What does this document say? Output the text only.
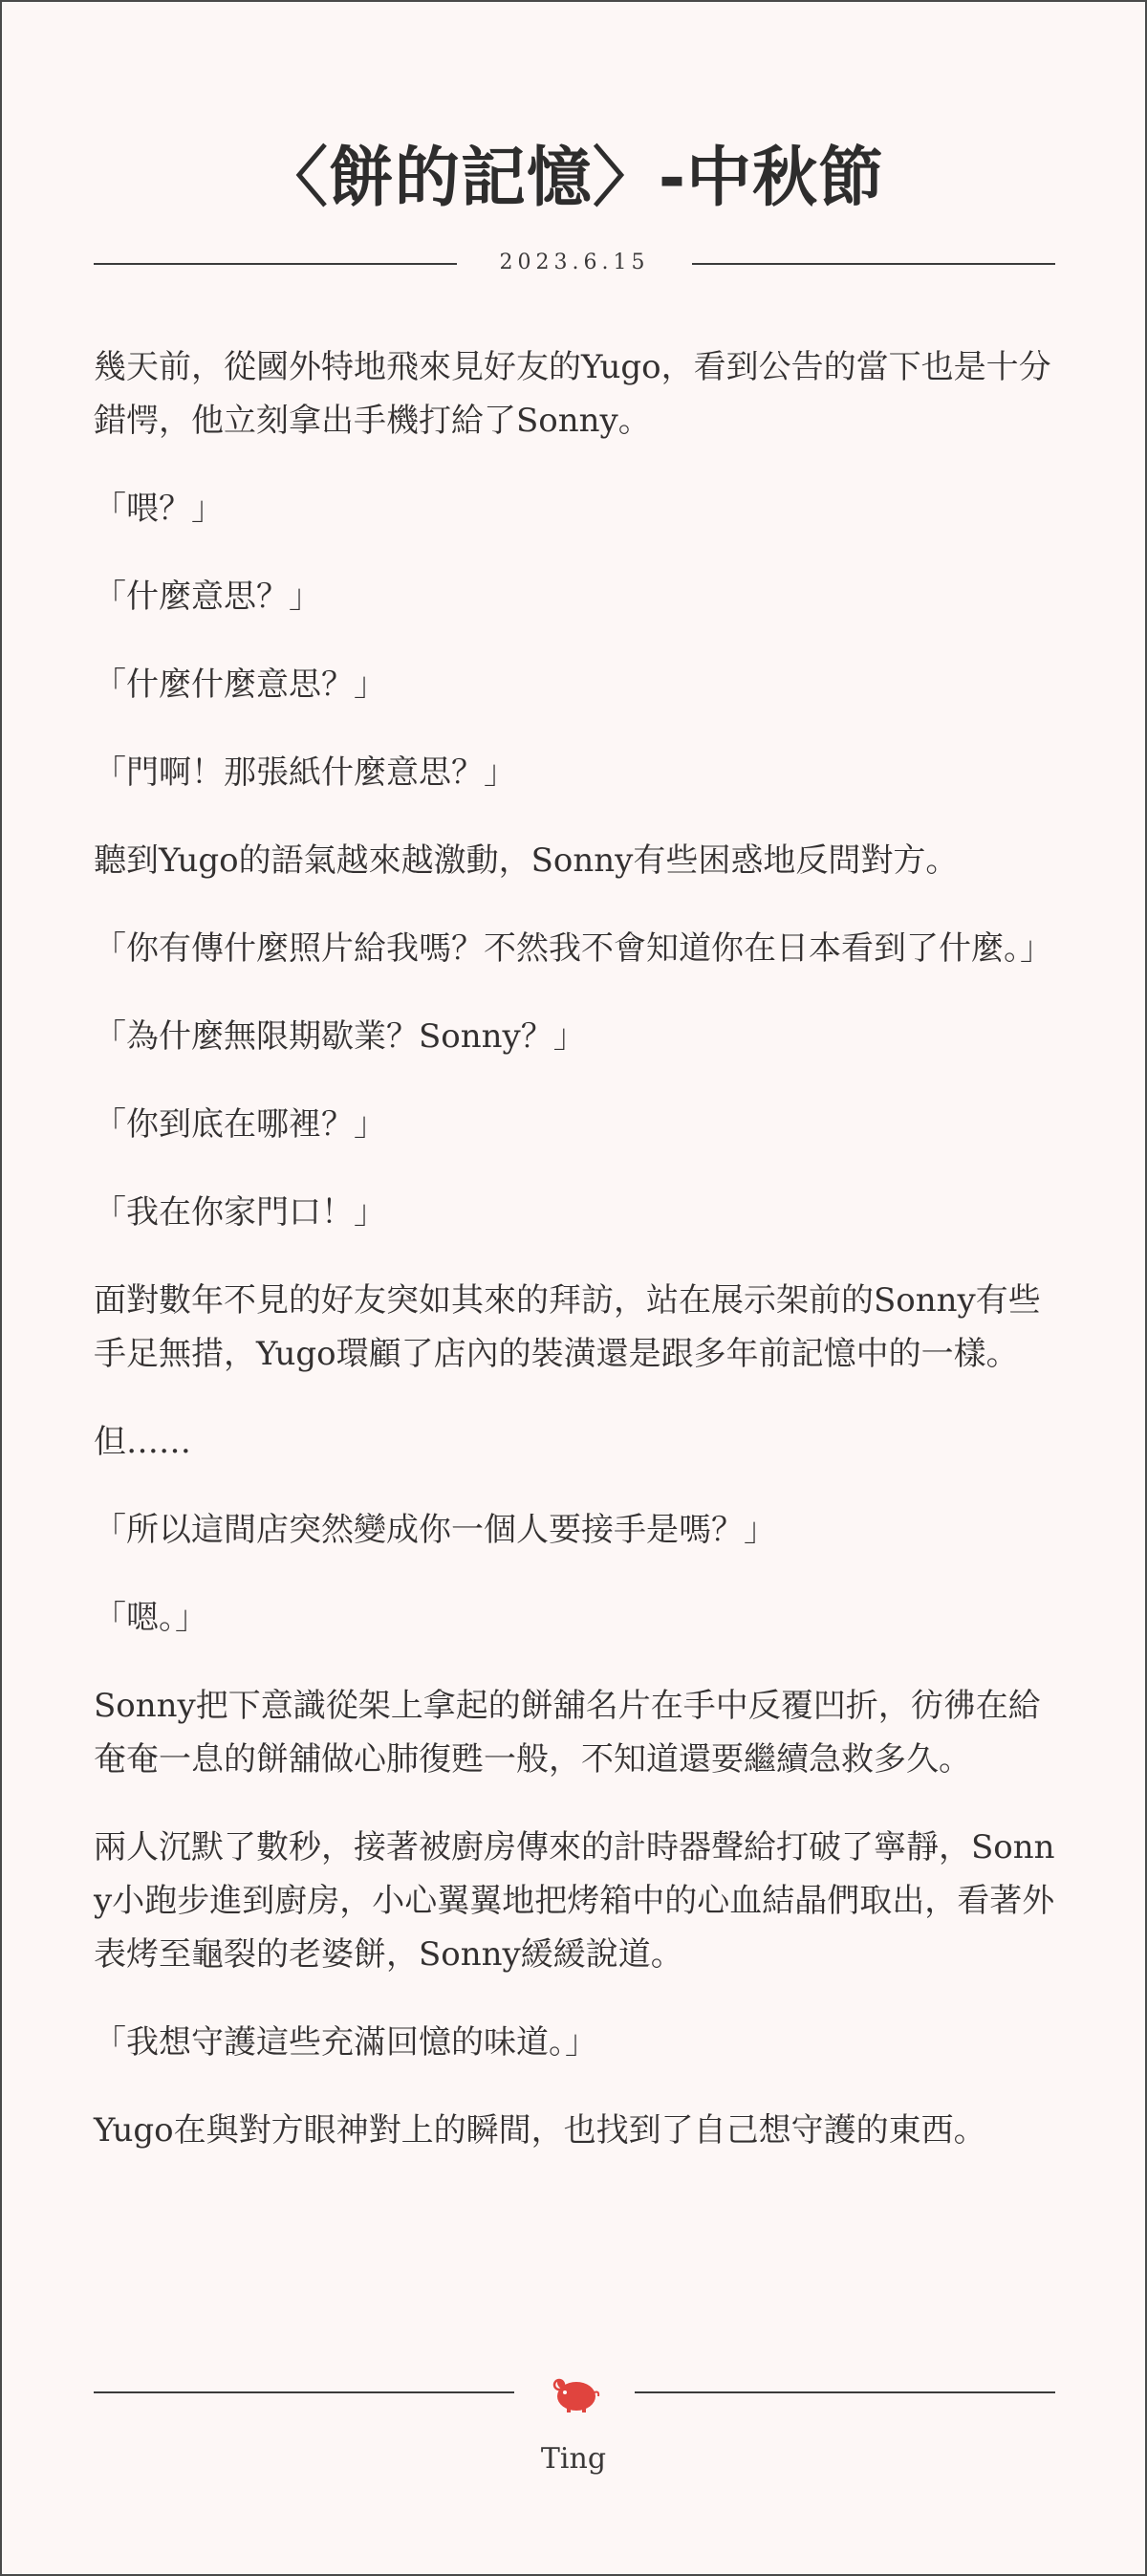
〈餅的記憶〉-中秋節
2023.6.15

幾天前，從國外特地飛來見好友的Yugo，看到公告的當下也是十分錯愕，他立刻拿出手機打給了Sonny。

「喂？」

「什麼意思？」

「什麼什麼意思？」

「門啊！那張紙什麼意思？」

聽到Yugo的語氣越來越激動，Sonny有些困惑地反問對方。

「你有傳什麼照片給我嗎？不然我不會知道你在日本看到了什麼。」

「為什麼無限期歇業？Sonny？」

「你到底在哪裡？」

「我在你家門口！」

面對數年不見的好友突如其來的拜訪，站在展示架前的Sonny有些手足無措，Yugo環顧了店內的裝潢還是跟多年前記憶中的一樣。

但……

「所以這間店突然變成你一個人要接手是嗎？」

「嗯。」

Sonny把下意識從架上拿起的餅舖名片在手中反覆凹折，彷彿在給奄奄一息的餅舖做心肺復甦一般，不知道還要繼續急救多久。

兩人沉默了數秒，接著被廚房傳來的計時器聲給打破了寧靜，Sonny小跑步進到廚房，小心翼翼地把烤箱中的心血結晶們取出，看著外表烤至龜裂的老婆餅，Sonny緩緩說道。

「我想守護這些充滿回憶的味道。」

Yugo在與對方眼神對上的瞬間，也找到了自己想守護的東西。

Ting
